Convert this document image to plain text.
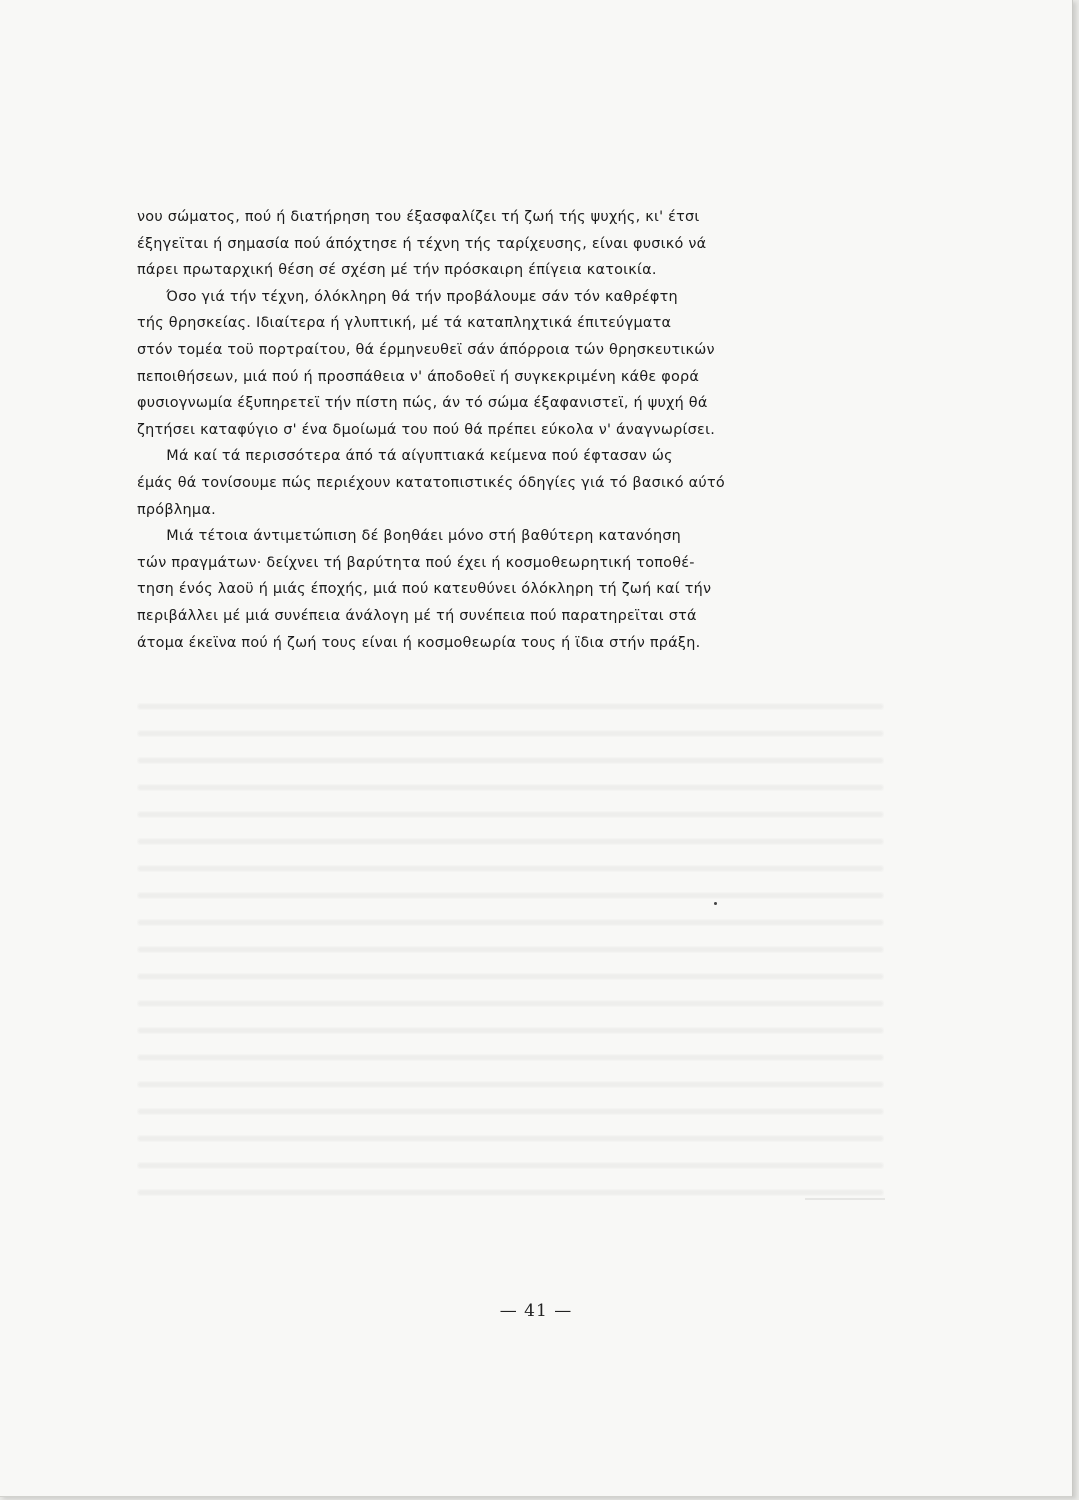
νου σώματος, πού ή διατήρηση του έξασφαλίζει τή ζωή τής ψυχής, κι' έτσι
έξηγεϊται ή σημασία πού άπόχτησε ή τέχνη τής ταρίχευσης, είναι φυσικό νά
πάρει πρωταρχική θέση σέ σχέση μέ τήν πρόσκαιρη έπίγεια κατοικία.

  Όσο γιά τήν τέχνη, όλόκληρη θά τήν προβάλουμε σάν τόν καθρέφτη
τής θρησκείας. Ιδιαίτερα ή γλυπτική, μέ τά καταπληχτικά έπιτεύγματα
στόν τομέα τοϋ πορτραίτου, θά έρμηνευθεϊ σάν άπόρροια τών θρησκευτικών
πεποιθήσεων, μιά πού ή προσπάθεια ν' άποδοθεϊ ή συγκεκριμένη κάθε φορά
φυσιογνωμία έξυπηρετεϊ τήν πίστη πώς, άν τό σώμα έξαφανιστεϊ, ή ψυχή θά
ζητήσει καταφύγιο σ' ένα δμοίωμά του πού θά πρέπει εύκολα ν' άναγνωρίσει.

  Μά καί τά περισσότερα άπό τά αίγυπτιακά κείμενα πού έφτασαν ώς
έμάς θά τονίσουμε πώς περιέχουν κατατοπιστικές όδηγίες γιά τό βασικό αύτό
πρόβλημα.

  Μιά τέτοια άντιμετώπιση δέ βοηθάει μόνο στή βαθύτερη κατανόηση
τών πραγμάτων· δείχνει τή βαρύτητα πού έχει ή κοσμοθεωρητική τοποθέ-
τηση ένός λαοϋ ή μιάς έποχής, μιά πού κατευθύνει όλόκληρη τή ζωή καί τήν
περιβάλλει μέ μιά συνέπεια άνάλογη μέ τή συνέπεια πού παρατηρεϊται στά
άτομα έκεϊνα πού ή ζωή τους είναι ή κοσμοθεωρία τους ή ϊδια στήν πράξη.

— 41 —
